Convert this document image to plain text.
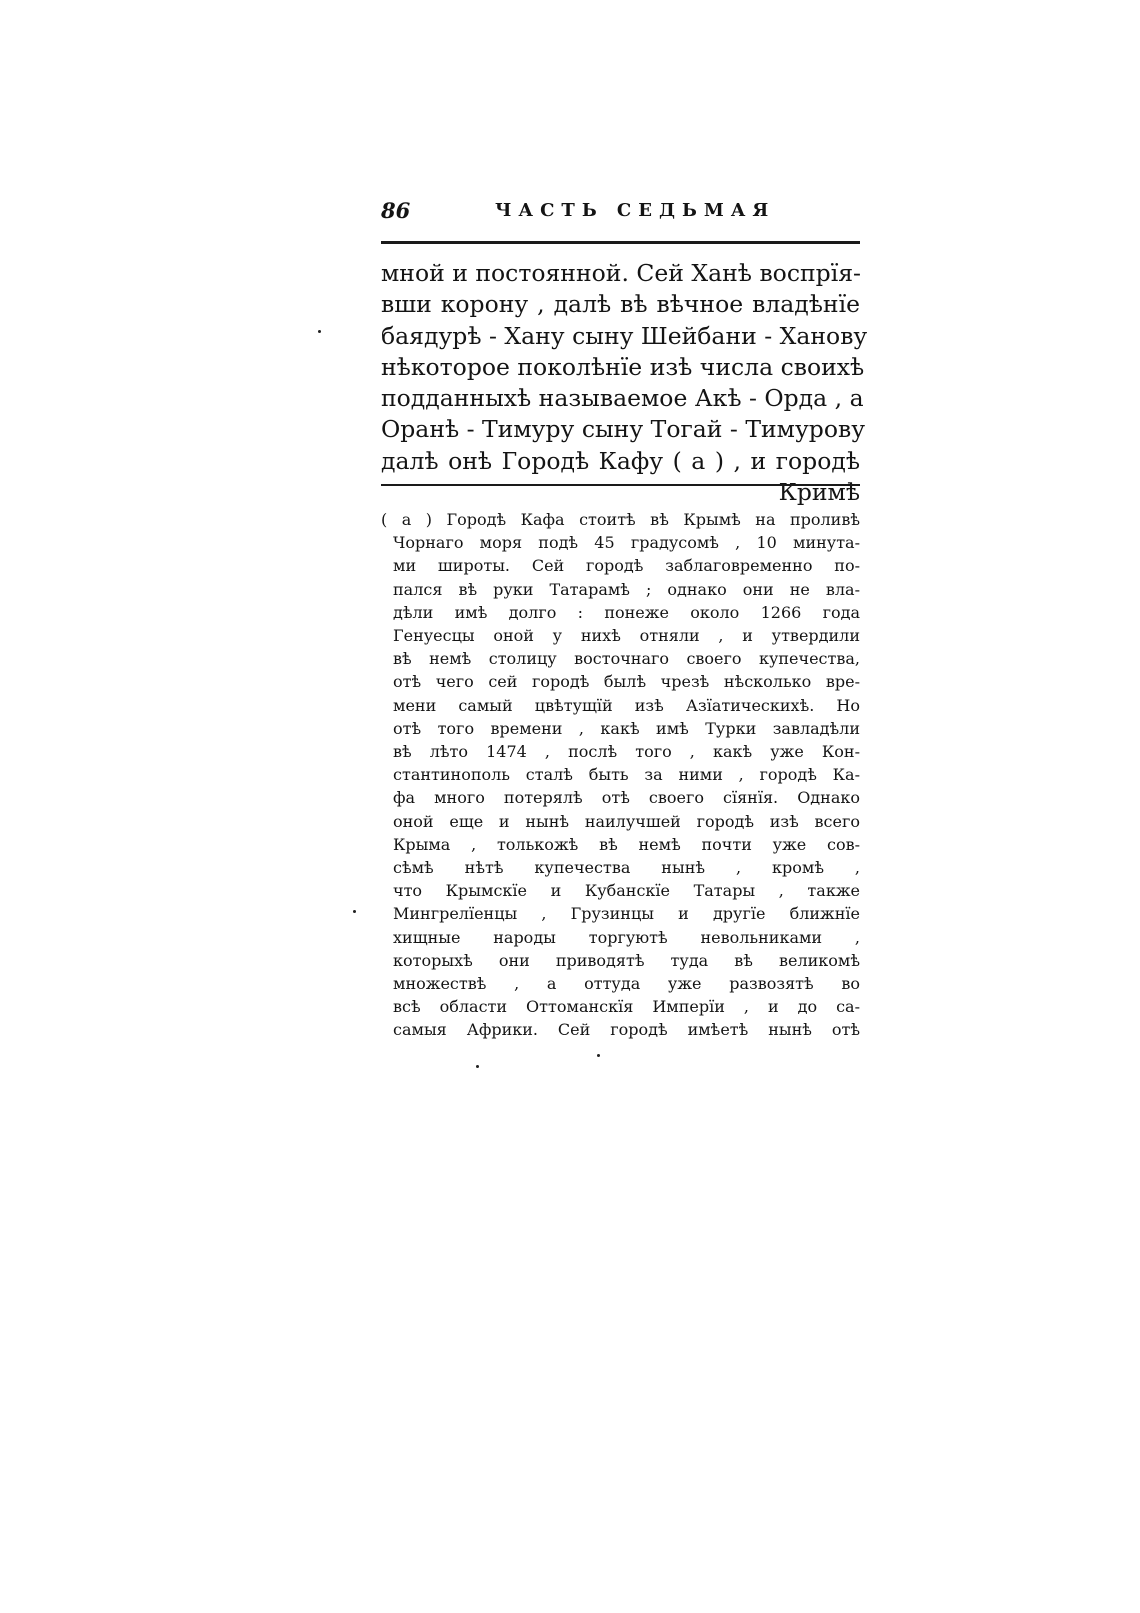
86	ЧАСТЬ СЕДЬМАЯ
мной и постоянной. Сей Ханѣ воспрїя-
вши корону , далѣ вѣ вѣчное владѣнїе
баядурѣ - Хану сыну Шейбани - Ханову
нѣкоторое поколѣнїе изѣ числа своихѣ
подданныхѣ называемое Акѣ - Орда , а
Оранѣ - Тимуру сыну Тогай - Тимурову
далѣ онѣ Городѣ Кафу ( а ) , и городѣ
Кримѣ
( а ) Городѣ Кафа стоитѣ вѣ Крымѣ на проливѣ
Чорнаго моря подѣ 45 градусомѣ , 10 минута-
ми широты. Сей городѣ заблаговременно по-
пался вѣ руки Татарамѣ ; однако они не вла-
дѣли имѣ долго : понеже около 1266 года
Генуесцы оной у нихѣ отняли , и утвердили
вѣ немѣ столицу восточнаго своего купечества,
отѣ чего сей городѣ былѣ чрезѣ нѣсколько вре-
мени самый цвѣтущїй изѣ Азїатическихѣ. Но
отѣ того времени , какѣ имѣ Турки завладѣли
вѣ лѣто 1474 , послѣ того , какѣ уже Кон-
стантинополь сталѣ быть за ними , городѣ Ка-
фа много потерялѣ отѣ своего сїянїя. Однако
оной еще и нынѣ наилучшей городѣ изѣ всего
Крыма , толькожѣ вѣ немѣ почти уже сов-
сѣмѣ нѣтѣ купечества нынѣ , кромѣ ,
что Крымскїе и Кубанскїе Татары , также
Мингрелїенцы , Грузинцы и другїе ближнїе
хищные народы торгуютѣ невольниками ,
которыхѣ они приводятѣ туда вѣ великомѣ
множествѣ , а оттуда уже развозятѣ во
всѣ области Оттоманскїя Имперїи , и до са-
самыя Африки. Сей городѣ имѣетѣ нынѣ отѣ
